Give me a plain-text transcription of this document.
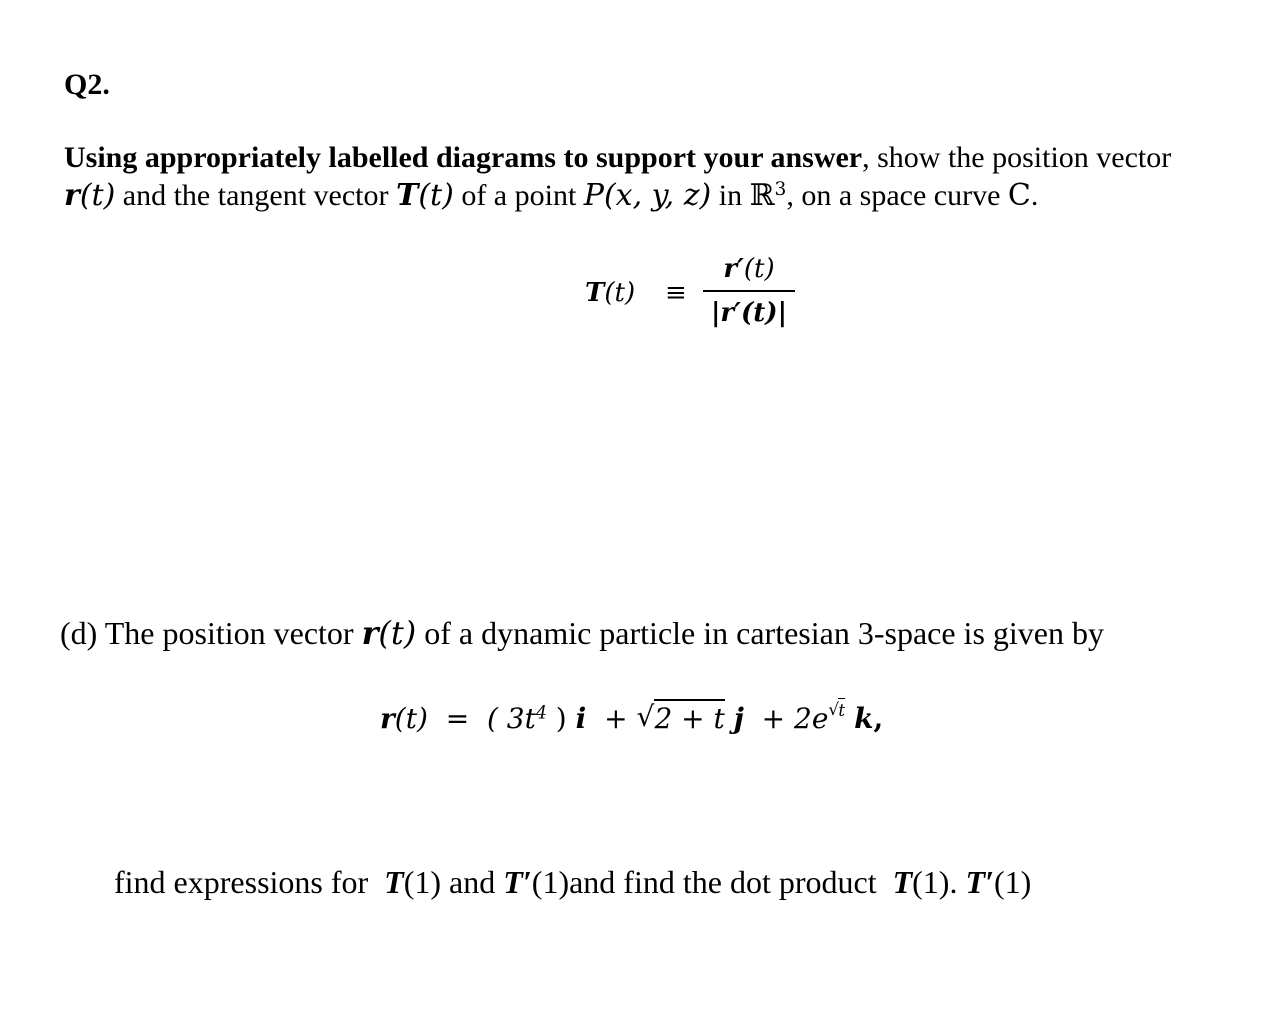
Q2.
Using appropriately labelled diagrams to support your answer, show the position vector
r(t) and the tangent vector T(t) of a point P(x, y, z) in ℝ$^3$, on a space curve C.
T(t) ≡
r′(t)
|r′(t)|
(d) The position vector r(t) of a dynamic particle in cartesian 3-space is given by
r(t) = ( $3t^4$ ) i + √ 2 + t j + 2e √ t k,
find expressions for T(1) and T′(1)and find the dot product T(1). T′(1)
